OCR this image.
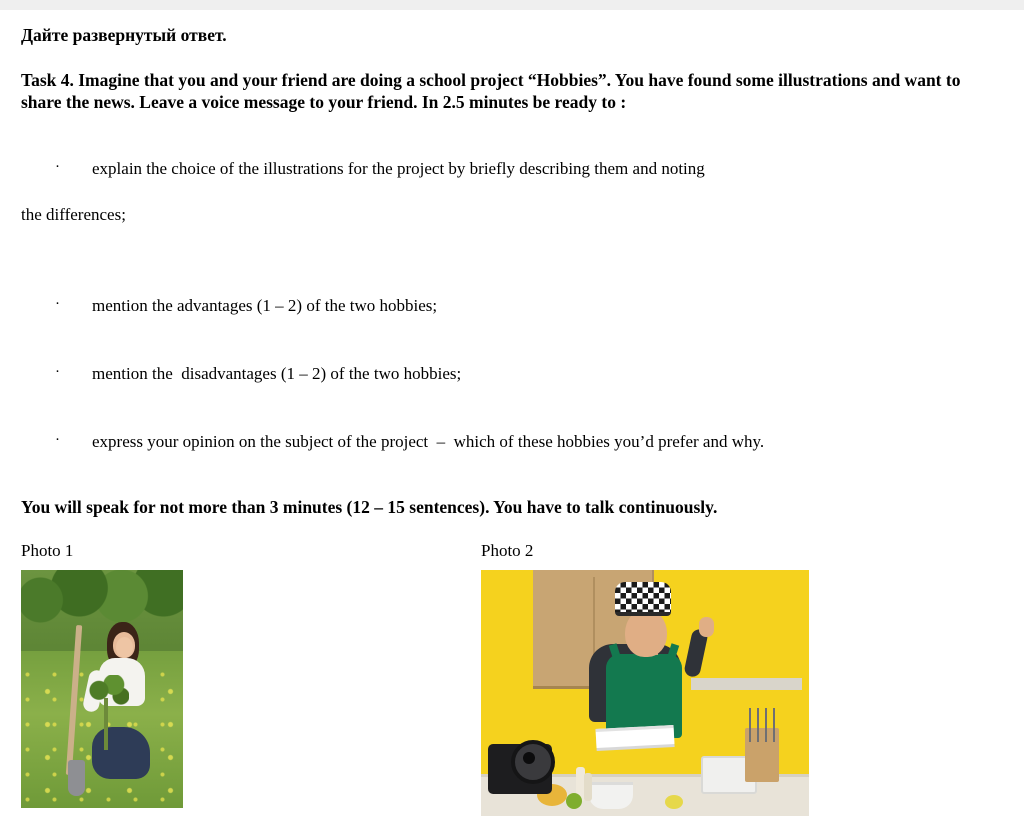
Дайте развернутый ответ.

Task 4. Imagine that you and your friend are doing a school project “Hobbies”. You have found some illustrations and want to share the news. Leave a voice message to your friend. In 2.5 minutes be ready to :

· explain the choice of the illustrations for the project by briefly describing them and noting

the differences;

· mention the advantages (1 – 2) of the two hobbies;

· mention the  disadvantages (1 – 2) of the two hobbies;

· express your opinion on the subject of the project  –  which of these hobbies you’d prefer and why.

You will speak for not more than 3 minutes (12 – 15 sentences). You have to talk continuously.

Photo 1	Photo 2
